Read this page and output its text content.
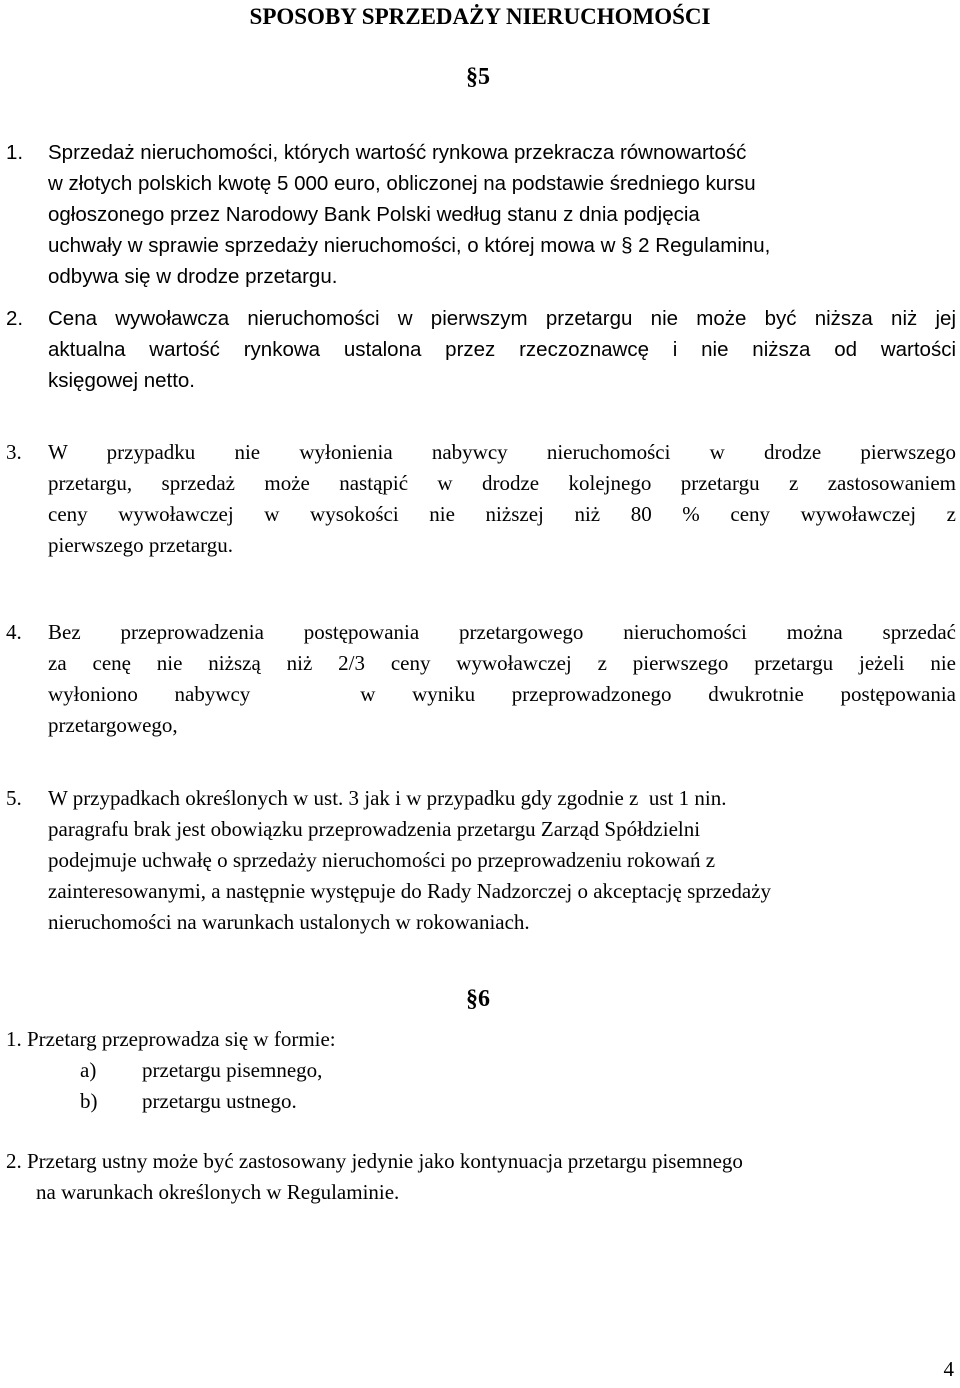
SPOSOBY SPRZEDAŻY NIERUCHOMOŚCI
§5
1. Sprzedaż nieruchomości, których wartość rynkowa przekracza równowartość
w złotych polskich kwotę 5 000 euro, obliczonej na podstawie średniego kursu
ogłoszonego przez Narodowy Bank Polski według stanu z dnia podjęcia
uchwały w sprawie sprzedaży nieruchomości, o której mowa w § 2 Regulaminu,
odbywa się w drodze przetargu.
2. Cena wywoławcza nieruchomości w pierwszym przetargu nie może być niższa niż jej
aktualna wartość rynkowa ustalona przez rzeczoznawcę i nie niższa od wartości
księgowej netto.
3. W przypadku nie wyłonienia nabywcy nieruchomości w drodze pierwszego
przetargu, sprzedaż może nastąpić w drodze kolejnego przetargu z zastosowaniem
ceny wywoławczej w wysokości nie niższej niż 80 % ceny wywoławczej z
pierwszego przetargu.
4. Bez przeprowadzenia postępowania przetargowego nieruchomości można sprzedać
za cenę nie niższą niż 2/3 ceny wywoławczej z pierwszego przetargu jeżeli nie
wyłoniono nabywcy   w wyniku przeprowadzonego dwukrotnie postępowania
przetargowego,
5. W przypadkach określonych w ust. 3 jak i w przypadku gdy zgodnie z  ust 1 nin.
paragrafu brak jest obowiązku przeprowadzenia przetargu Zarząd Spółdzielni
podejmuje uchwałę o sprzedaży nieruchomości po przeprowadzeniu rokowań z
zainteresowanymi, a następnie występuje do Rady Nadzorczej o akceptację sprzedaży
nieruchomości na warunkach ustalonych w rokowaniach.
§6
1. Przetarg przeprowadza się w formie:
a) przetargu pisemnego,
b) przetargu ustnego.
2. Przetarg ustny może być zastosowany jedynie jako kontynuacja przetargu pisemnego
na warunkach określonych w Regulaminie.
4
